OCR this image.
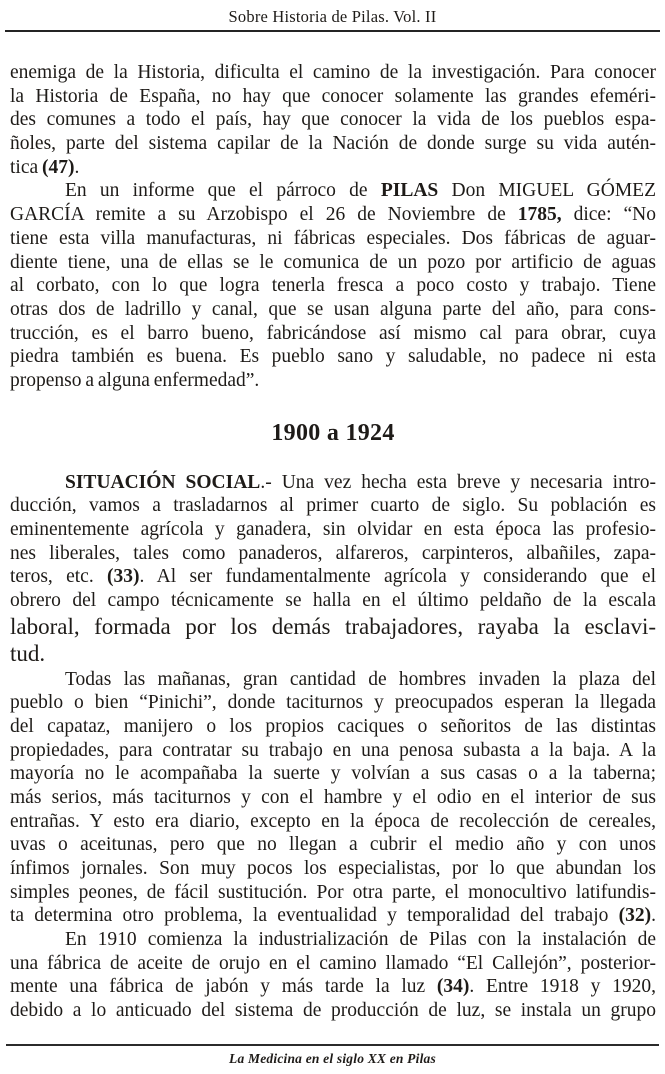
Sobre Historia de Pilas. Vol. II
enemiga de la Historia, dificulta el camino de la investigación. Para conocer
la Historia de España, no hay que conocer solamente las grandes efeméri-
des comunes a todo el país, hay que conocer la vida de los pueblos espa-
ñoles, parte del sistema capilar de la Nación de donde surge su vida autén-
tica (47).
En un informe que el párroco de PILAS Don MIGUEL GÓMEZ
GARCÍA remite a su Arzobispo el 26 de Noviembre de 1785, dice: “No
tiene esta villa manufacturas, ni fábricas especiales. Dos fábricas de aguar-
diente tiene, una de ellas se le comunica de un pozo por artificio de aguas
al corbato, con lo que logra tenerla fresca a poco costo y trabajo. Tiene
otras dos de ladrillo y canal, que se usan alguna parte del año, para cons-
trucción, es el barro bueno, fabricándose así mismo cal para obrar, cuya
piedra también es buena. Es pueblo sano y saludable, no padece ni esta
propenso a alguna enfermedad”.
1900 a 1924
SITUACIÓN SOCIAL.- Una vez hecha esta breve y necesaria intro-
ducción, vamos a trasladarnos al primer cuarto de siglo. Su población es
eminentemente agrícola y ganadera, sin olvidar en esta época las profesio-
nes liberales, tales como panaderos, alfareros, carpinteros, albañiles, zapa-
teros, etc. (33). Al ser fundamentalmente agrícola y considerando que el
obrero del campo técnicamente se halla en el último peldaño de la escala
laboral, formada por los demás trabajadores, rayaba la esclavi-
tud.
Todas las mañanas, gran cantidad de hombres invaden la plaza del
pueblo o bien “Pinichi”, donde taciturnos y preocupados esperan la llegada
del capataz, manijero o los propios caciques o señoritos de las distintas
propiedades, para contratar su trabajo en una penosa subasta a la baja. A la
mayoría no le acompañaba la suerte y volvían a sus casas o a la taberna;
más serios, más taciturnos y con el hambre y el odio en el interior de sus
entrañas. Y esto era diario, excepto en la época de recolección de cereales,
uvas o aceitunas, pero que no llegan a cubrir el medio año y con unos
ínfimos jornales. Son muy pocos los especialistas, por lo que abundan los
simples peones, de fácil sustitución. Por otra parte, el monocultivo latifundis-
ta determina otro problema, la eventualidad y temporalidad del trabajo (32).
En 1910 comienza la industrialización de Pilas con la instalación de
una fábrica de aceite de orujo en el camino llamado “El Callejón”, posterior-
mente una fábrica de jabón y más tarde la luz (34). Entre 1918 y 1920,
debido a lo anticuado del sistema de producción de luz, se instala un grupo
La Medicina en el siglo XX en Pilas
